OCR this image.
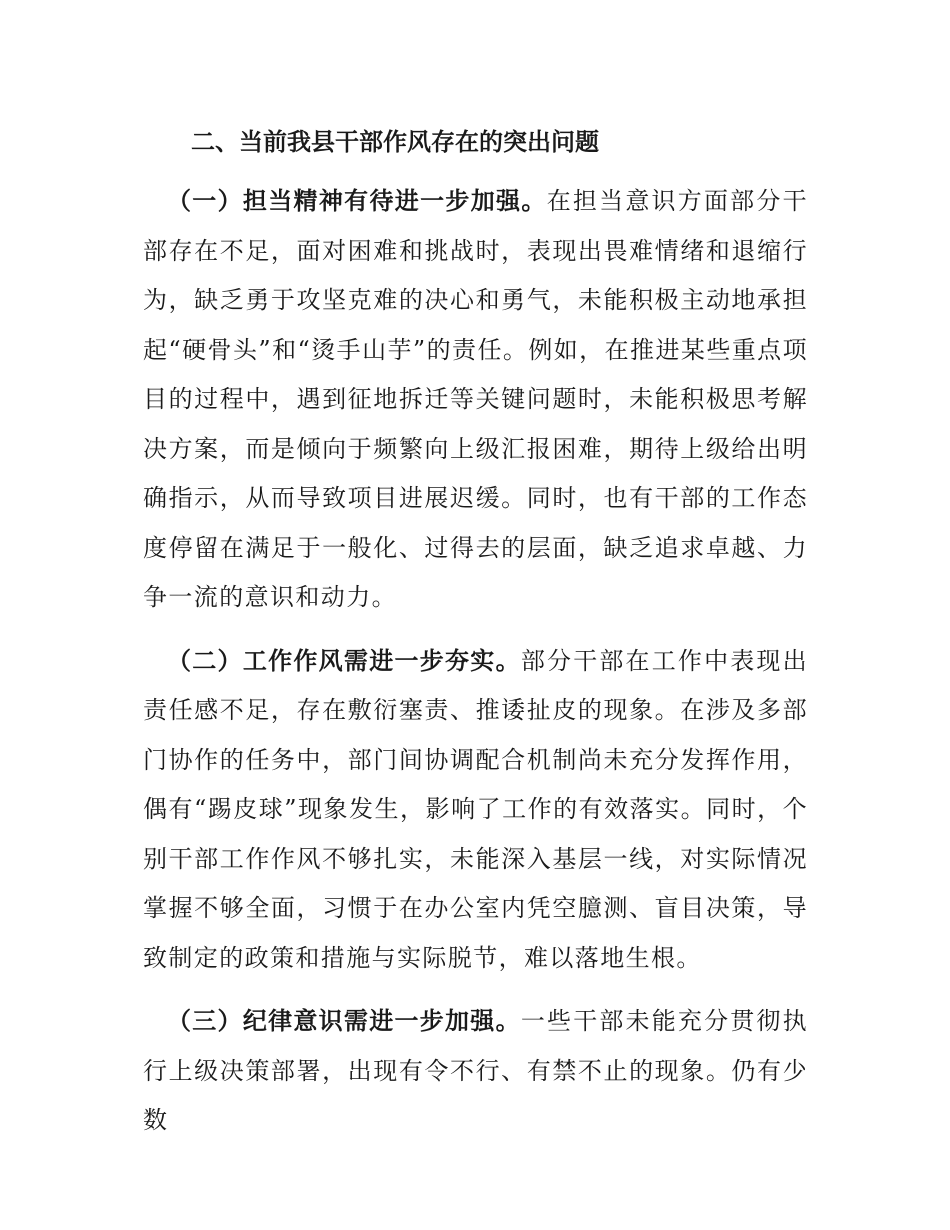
二、当前我县干部作风存在的突出问题

（一）担当精神有待进一步加强。在担当意识方面部分干部存在不足，面对困难和挑战时，表现出畏难情绪和退缩行为，缺乏勇于攻坚克难的决心和勇气，未能积极主动地承担起“硬骨头”和“烫手山芋”的责任。例如，在推进某些重点项目的过程中，遇到征地拆迁等关键问题时，未能积极思考解决方案，而是倾向于频繁向上级汇报困难，期待上级给出明确指示，从而导致项目进展迟缓。同时，也有干部的工作态度停留在满足于一般化、过得去的层面，缺乏追求卓越、力争一流的意识和动力。

（二）工作作风需进一步夯实。部分干部在工作中表现出责任感不足，存在敷衍塞责、推诿扯皮的现象。在涉及多部门协作的任务中，部门间协调配合机制尚未充分发挥作用，偶有“踢皮球”现象发生，影响了工作的有效落实。同时，个别干部工作作风不够扎实，未能深入基层一线，对实际情况掌握不够全面，习惯于在办公室内凭空臆测、盲目决策，导致制定的政策和措施与实际脱节，难以落地生根。

（三）纪律意识需进一步加强。一些干部未能充分贯彻执行上级决策部署，出现有令不行、有禁不止的现象。仍有少数
